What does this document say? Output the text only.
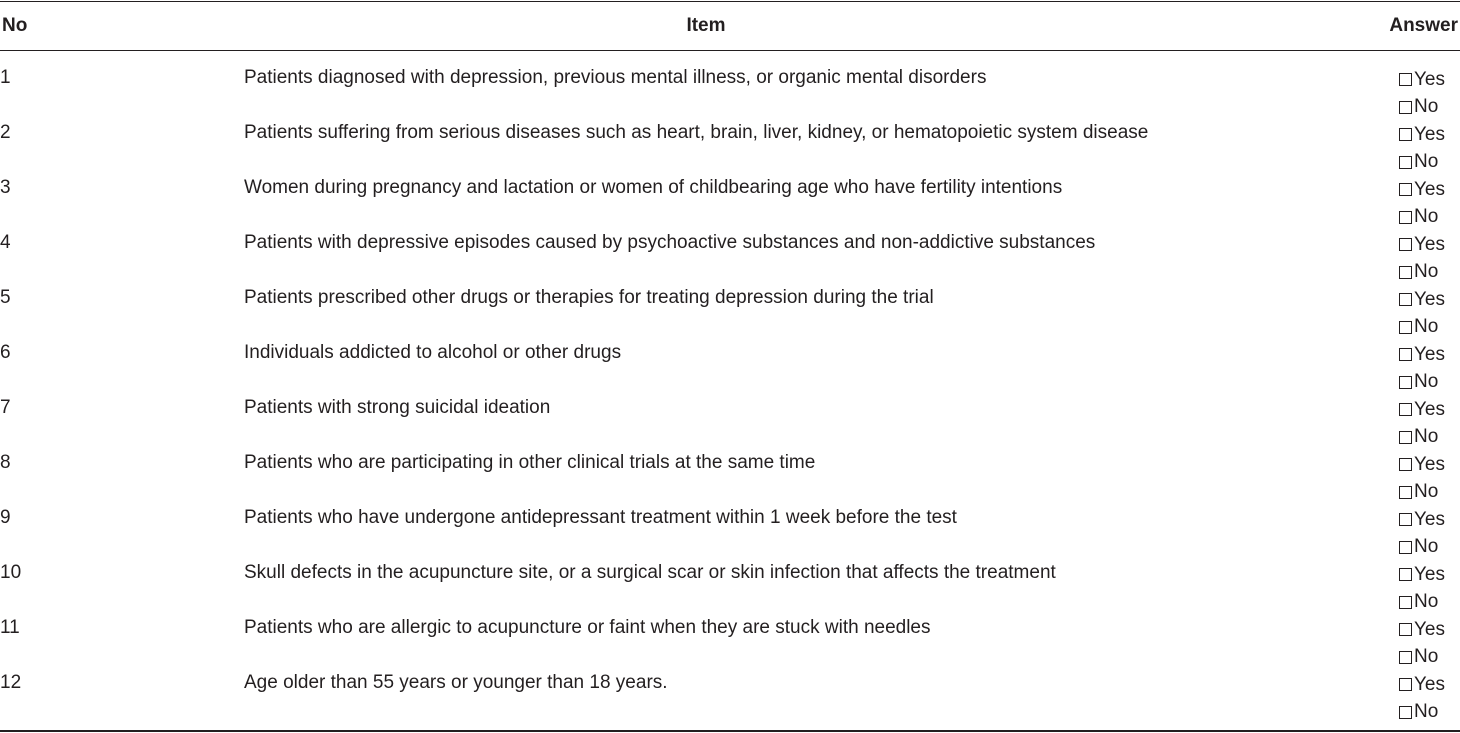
No	Item	Answer
1	Patients diagnosed with depression, previous mental illness, or organic mental disorders	Yes
No
2	Patients suffering from serious diseases such as heart, brain, liver, kidney, or hematopoietic system disease	Yes
No
3	Women during pregnancy and lactation or women of childbearing age who have fertility intentions	Yes
No
4	Patients with depressive episodes caused by psychoactive substances and non-addictive substances	Yes
No
5	Patients prescribed other drugs or therapies for treating depression during the trial	Yes
No
6	Individuals addicted to alcohol or other drugs	Yes
No
7	Patients with strong suicidal ideation	Yes
No
8	Patients who are participating in other clinical trials at the same time	Yes
No
9	Patients who have undergone antidepressant treatment within 1 week before the test	Yes
No
10	Skull defects in the acupuncture site, or a surgical scar or skin infection that affects the treatment	Yes
No
11	Patients who are allergic to acupuncture or faint when they are stuck with needles	Yes
No
12	Age older than 55 years or younger than 18 years.	Yes
No
